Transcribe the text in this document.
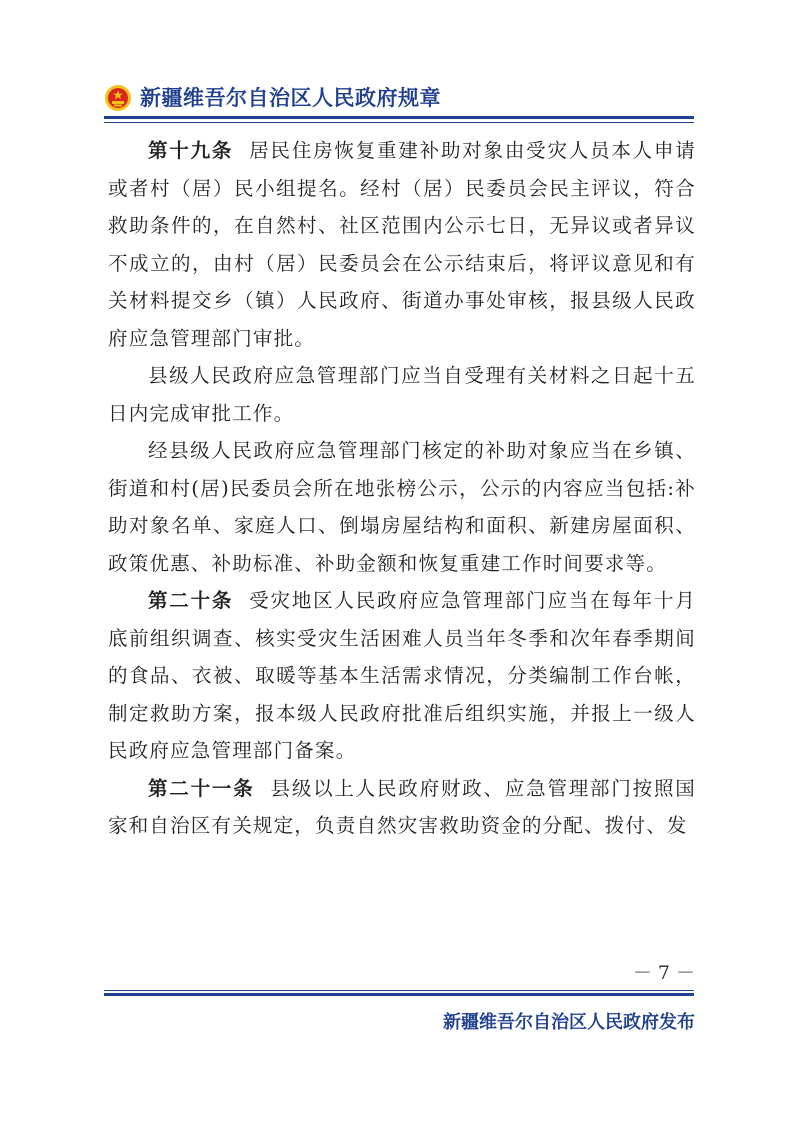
新疆维吾尔自治区人民政府规章

第十九条 居民住房恢复重建补助对象由受灾人员本人申请或者村（居）民小组提名。经村（居）民委员会民主评议，符合救助条件的，在自然村、社区范围内公示七日，无异议或者异议不成立的，由村（居）民委员会在公示结束后，将评议意见和有关材料提交乡（镇）人民政府、街道办事处审核，报县级人民政府应急管理部门审批。

县级人民政府应急管理部门应当自受理有关材料之日起十五日内完成审批工作。

经县级人民政府应急管理部门核定的补助对象应当在乡镇、街道和村(居)民委员会所在地张榜公示，公示的内容应当包括:补助对象名单、家庭人口、倒塌房屋结构和面积、新建房屋面积、政策优惠、补助标准、补助金额和恢复重建工作时间要求等。

第二十条 受灾地区人民政府应急管理部门应当在每年十月底前组织调查、核实受灾生活困难人员当年冬季和次年春季期间的食品、衣被、取暖等基本生活需求情况，分类编制工作台帐，制定救助方案，报本级人民政府批准后组织实施，并报上一级人民政府应急管理部门备案。

第二十一条 县级以上人民政府财政、应急管理部门按照国家和自治区有关规定，负责自然灾害救助资金的分配、拨付、发

－ 7 －
新疆维吾尔自治区人民政府发布
